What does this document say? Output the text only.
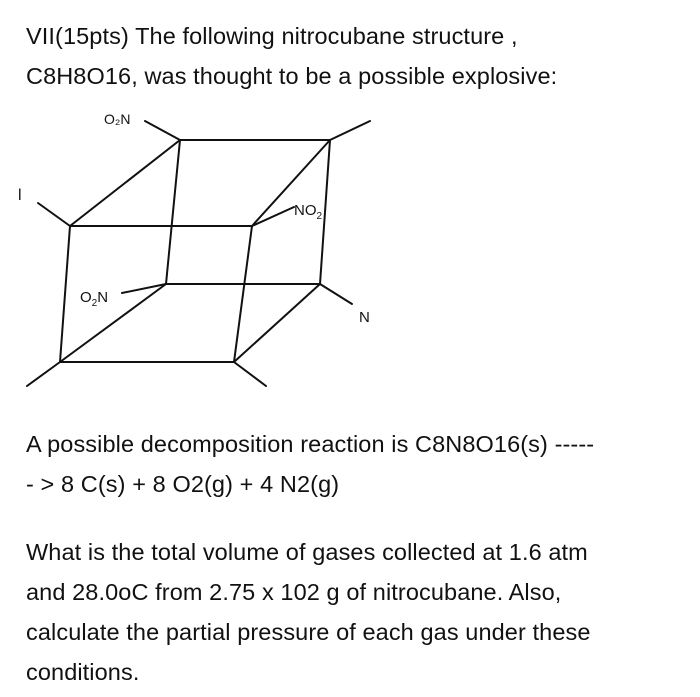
VII(15pts) The following nitrocubane structure ,
C8H8O16, was thought to be a possible explosive:
O₂N
l
$NO_2$
$O_2N$
N
A possible decomposition reaction is C8N8O16(s) -----
- > 8 C(s) + 8 O2(g) + 4 N2(g)
What is the total volume of gases collected at 1.6 atm
and 28.0oC from 2.75 x 102 g of nitrocubane. Also,
calculate the partial pressure of each gas under these
conditions.
